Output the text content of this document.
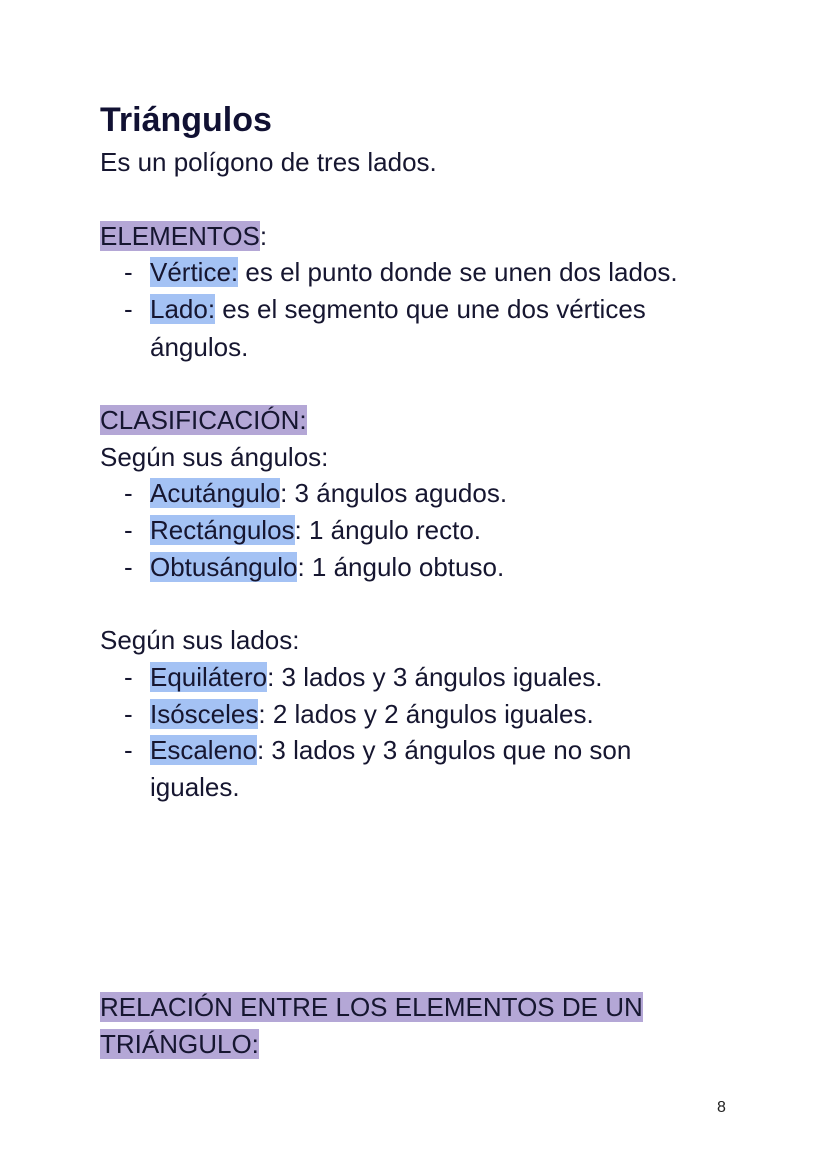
Triángulos
Es un polígono de tres lados.
ELEMENTOS:
- Vértice: es el punto donde se unen dos lados.
- Lado: es el segmento que une dos vértices
ángulos.
CLASIFICACIÓN:
Según sus ángulos:
- Acutángulo: 3 ángulos agudos.
- Rectángulos: 1 ángulo recto.
- Obtusángulo: 1 ángulo obtuso.
Según sus lados:
- Equilátero: 3 lados y 3 ángulos iguales.
- Isósceles: 2 lados y 2 ángulos iguales.
- Escaleno: 3 lados y 3 ángulos que no son
iguales.
RELACIÓN ENTRE LOS ELEMENTOS DE UN
TRIÁNGULO:
8
